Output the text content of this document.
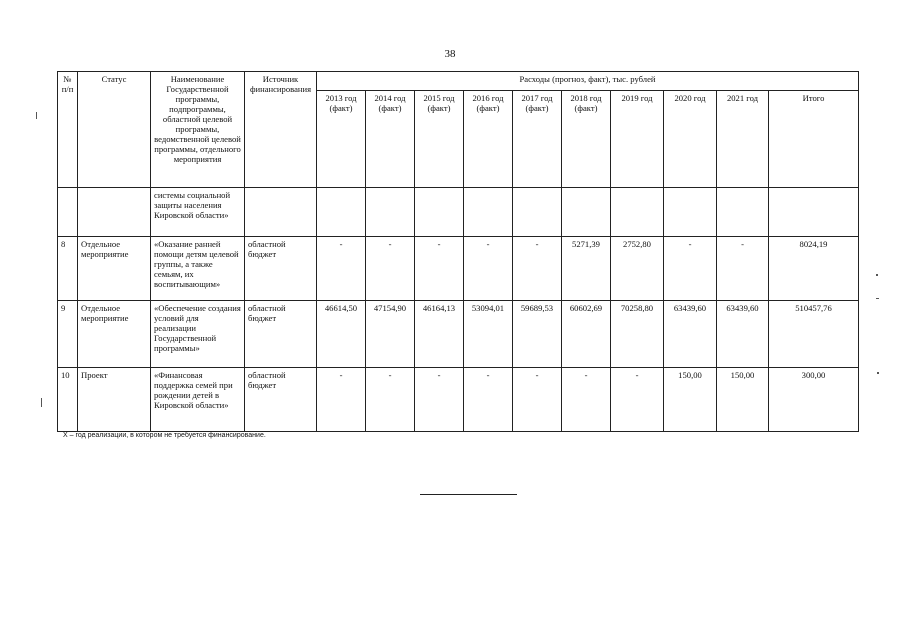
38
№ п/п	Статус	Наименование Государственной программы, подпрограммы, областной целевой программы, ведомственной целевой программы, отдельного мероприятия	Источник финансирования	Расходы (прогноз, факт), тыс. рублей									
				2013 год (факт)	2014 год (факт)	2015 год (факт)	2016 год (факт)	2017 год (факт)	2018 год (факт)	2019 год	2020 год	2021 год	Итого
		системы социальной защиты населения Кировской области»											
8	Отдельное мероприятие	«Оказание ранней помощи детям целевой группы, а также семьям, их воспитывающим»	областной бюджет	-	-	-	-	-	5271,39	2752,80	-	-	8024,19
9	Отдельное мероприятие	«Обеспечение создания условий для реализации Государственной программы»	областной бюджет	46614,50	47154,90	46164,13	53094,01	59689,53	60602,69	70258,80	63439,60	63439,60	510457,76
10	Проект	«Финансовая поддержка семей при рождении детей в Кировской области»	областной бюджет	-	-	-	-	-	-	-	150,00	150,00	300,00
X – год реализации, в котором не требуется финансирование.
